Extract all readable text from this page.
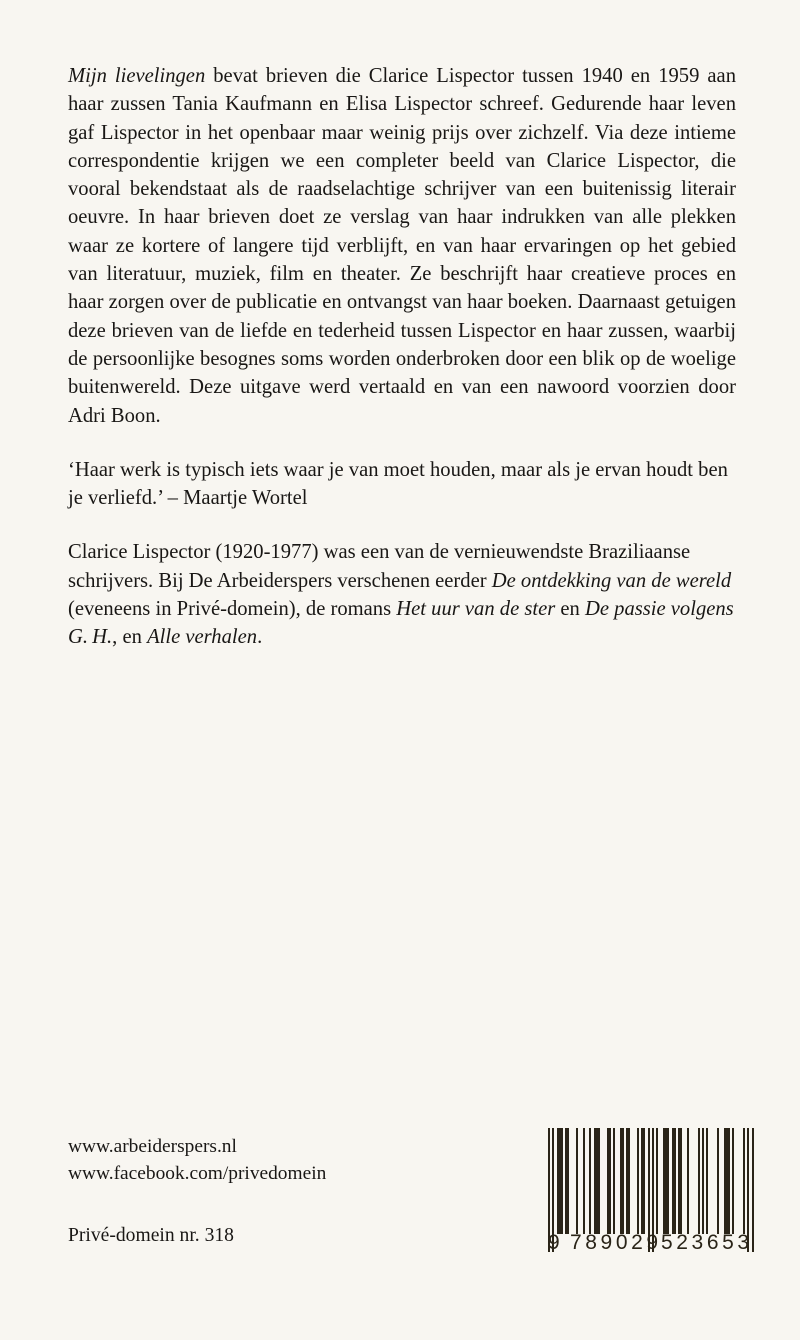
Mijn lievelingen bevat brieven die Clarice Lispector tussen 1940 en 1959 aan haar zussen Tania Kaufmann en Elisa Lispector schreef. Gedurende haar leven gaf Lispector in het openbaar maar weinig prijs over zichzelf. Via deze intieme correspondentie krijgen we een completer beeld van Clarice Lispector, die vooral bekendstaat als de raadselachtige schrijver van een buitenissig literair oeuvre. In haar brieven doet ze verslag van haar indrukken van alle plekken waar ze kortere of langere tijd verblijft, en van haar ervaringen op het gebied van literatuur, muziek, film en theater. Ze beschrijft haar creatieve proces en haar zorgen over de publicatie en ontvangst van haar boeken. Daarnaast getuigen deze brieven van de liefde en tederheid tussen Lispector en haar zussen, waarbij de persoonlijke besognes soms worden onderbroken door een blik op de woelige buitenwereld. Deze uitgave werd vertaald en van een nawoord voorzien door Adri Boon.

‘Haar werk is typisch iets waar je van moet houden, maar als je ervan houdt ben je verliefd.’ – Maartje Wortel

Clarice Lispector (1920-1977) was een van de vernieuwendste Braziliaanse schrijvers. Bij De Arbeiderspers verschenen eerder De ontdekking van de wereld (eveneens in Privé-domein), de romans Het uur van de ster en De passie volgens G. H., en Alle verhalen.

www.arbeiderspers.nl
www.facebook.com/privedomein
Privé-domein nr. 318	9 789029 523653
